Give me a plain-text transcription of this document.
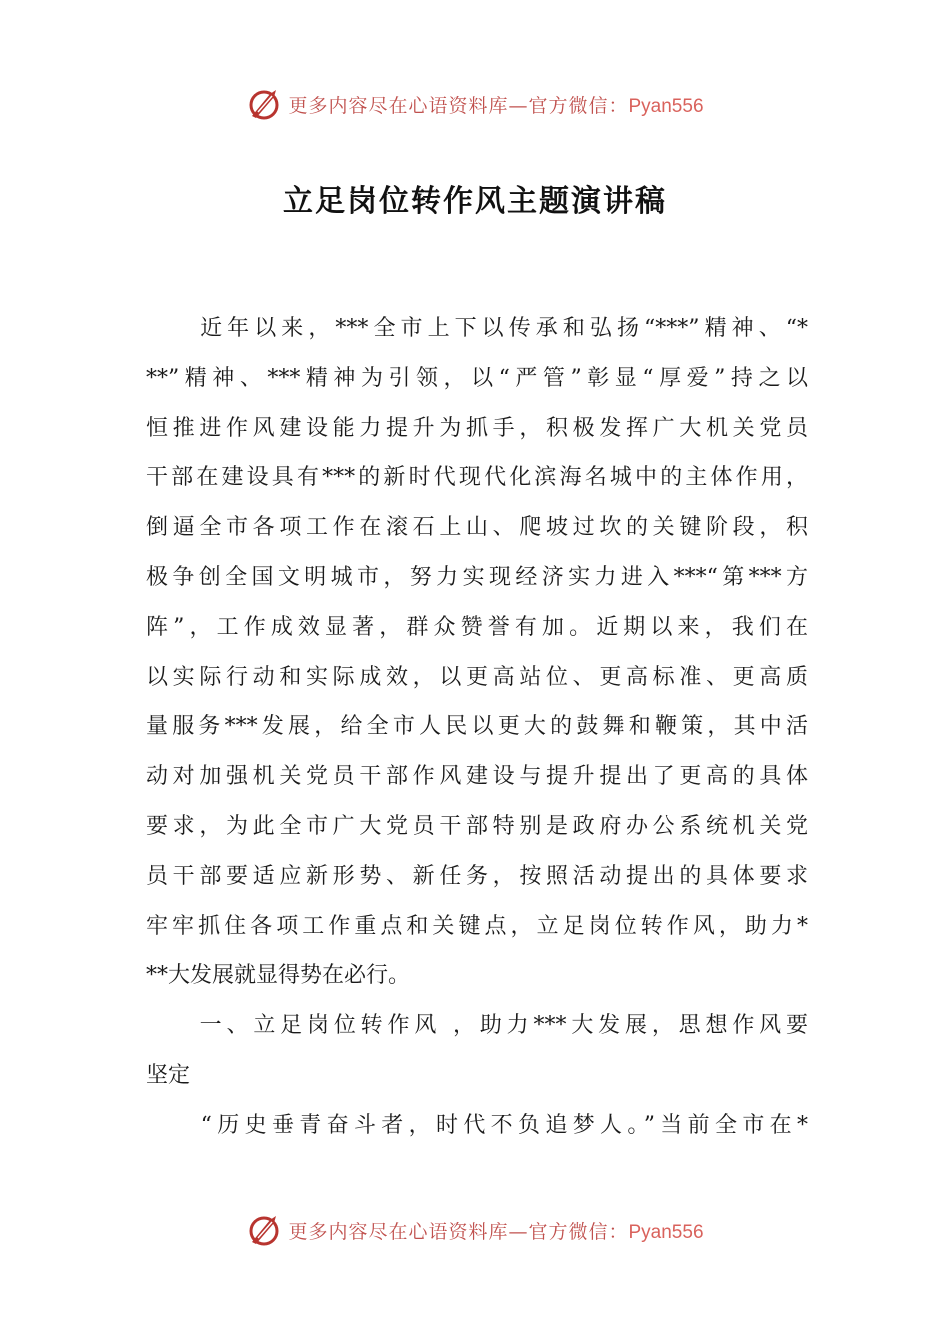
更多内容尽在心语资料库—官方微信：Pyan556
立足岗位转作风主题演讲稿
　　近年以来，***全市上下以传承和弘扬“***”精神、“*
**”精神、***精神为引领，以“严管”彰显“厚爱”持之以
恒推进作风建设能力提升为抓手，积极发挥广大机关党员
干部在建设具有***的新时代现代化滨海名城中的主体作用，
倒逼全市各项工作在滚石上山、爬坡过坎的关键阶段，积
极争创全国文明城市，努力实现经济实力进入***“第***方
阵”，工作成效显著，群众赞誉有加。近期以来，我们在
以实际行动和实际成效，以更高站位、更高标准、更高质
量服务***发展，给全市人民以更大的鼓舞和鞭策，其中活
动对加强机关党员干部作风建设与提升提出了更高的具体
要求，为此全市广大党员干部特别是政府办公系统机关党
员干部要适应新形势、新任务，按照活动提出的具体要求
牢牢抓住各项工作重点和关键点，立足岗位转作风，助力*
**大发展就显得势在必行。
　　一、立足岗位转作风 ，助力***大发展，思想作风要
坚定
　　“历史垂青奋斗者，时代不负追梦人。”当前全市在*
更多内容尽在心语资料库—官方微信：Pyan556
